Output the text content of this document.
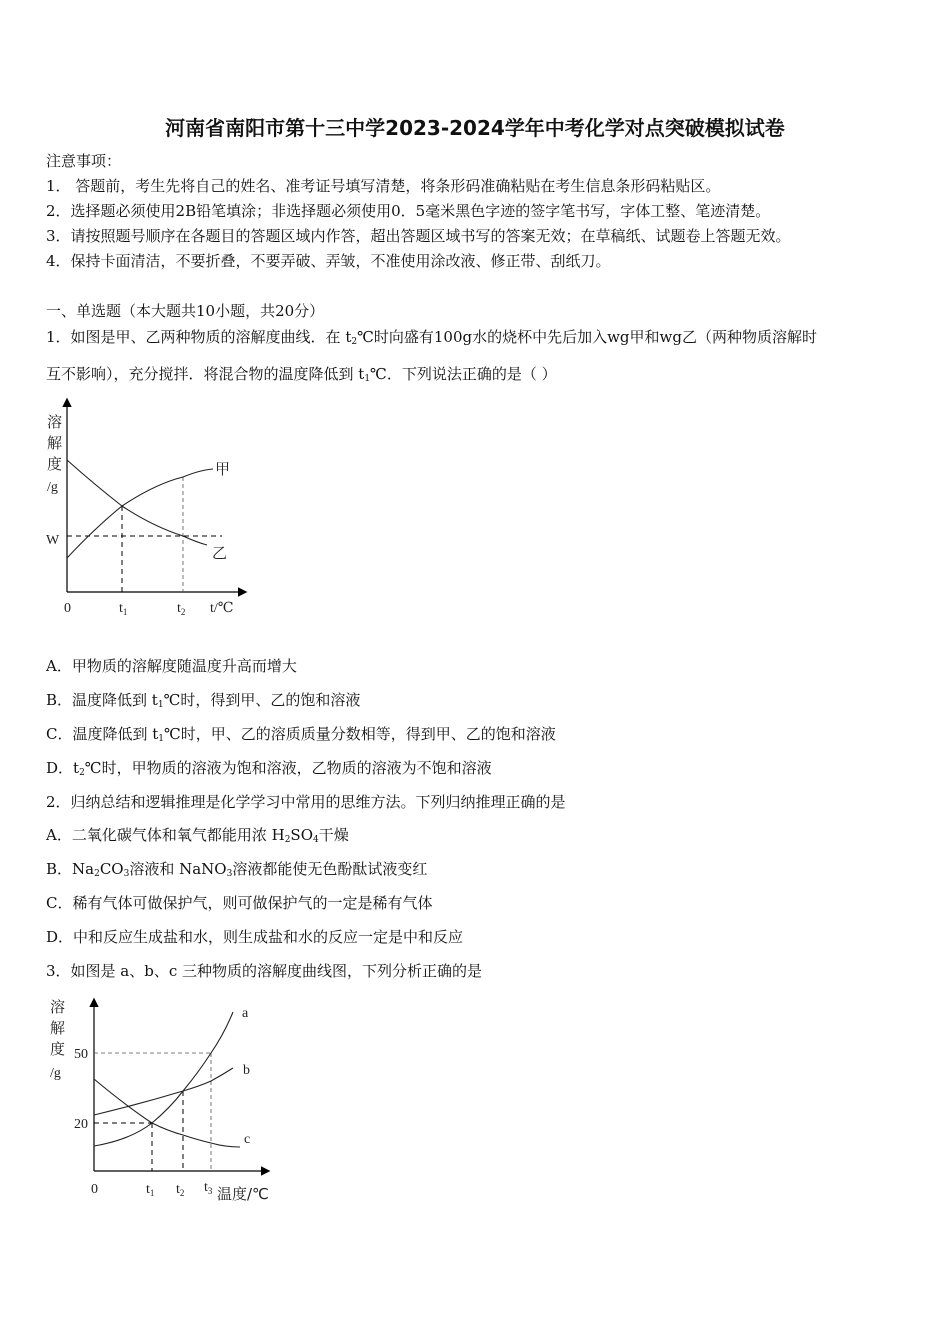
河南省南阳市第十三中学2023-2024学年中考化学对点突破模拟试卷
注意事项：
1． 答题前，考生先将自己的姓名、准考证号填写清楚，将条形码准确粘贴在考生信息条形码粘贴区。
2．选择题必须使用2B铅笔填涂；非选择题必须使用0．5毫米黑色字迹的签字笔书写，字体工整、笔迹清楚。
3．请按照题号顺序在各题目的答题区域内作答，超出答题区域书写的答案无效；在草稿纸、试题卷上答题无效。
4．保持卡面清洁，不要折叠，不要弄破、弄皱，不准使用涂改液、修正带、刮纸刀。
一、单选题（本大题共10小题，共20分）
1．如图是甲、乙两种物质的溶解度曲线．在 $t_2℃$时向盛有100g水的烧杯中先后加入wg甲和wg乙（两种物质溶解时
互不影响），充分搅拌．将混合物的温度降低到 $t_1℃$．下列说法正确的是（ ）
溶
解
度
/g
W
0	$t_1$	$t_2$ t/℃
甲
乙
溶
解
度
/g
50
20
0	$t_1$ $t_2$ $t_3$ 温度/℃
a
b
c
A．甲物质的溶解度随温度升高而增大
B．温度降低到 $t_1℃$时，得到甲、乙的饱和溶液
C．温度降低到 $t_1℃$时，甲、乙的溶质质量分数相等，得到甲、乙的饱和溶液
D．$t_2℃$时，甲物质的溶液为饱和溶液，乙物质的溶液为不饱和溶液
2．归纳总结和逻辑推理是化学学习中常用的思维方法。下列归纳推理正确的是
A．二氧化碳气体和氧气都能用浓 $H_2SO_4$干燥
B．$Na_2CO_3$溶液和 NaNO$_3$溶液都能使无色酚酞试液变红
C．稀有气体可做保护气，则可做保护气的一定是稀有气体
D．中和反应生成盐和水，则生成盐和水的反应一定是中和反应
3．如图是 a、b、c 三种物质的溶解度曲线图，下列分析正确的是
